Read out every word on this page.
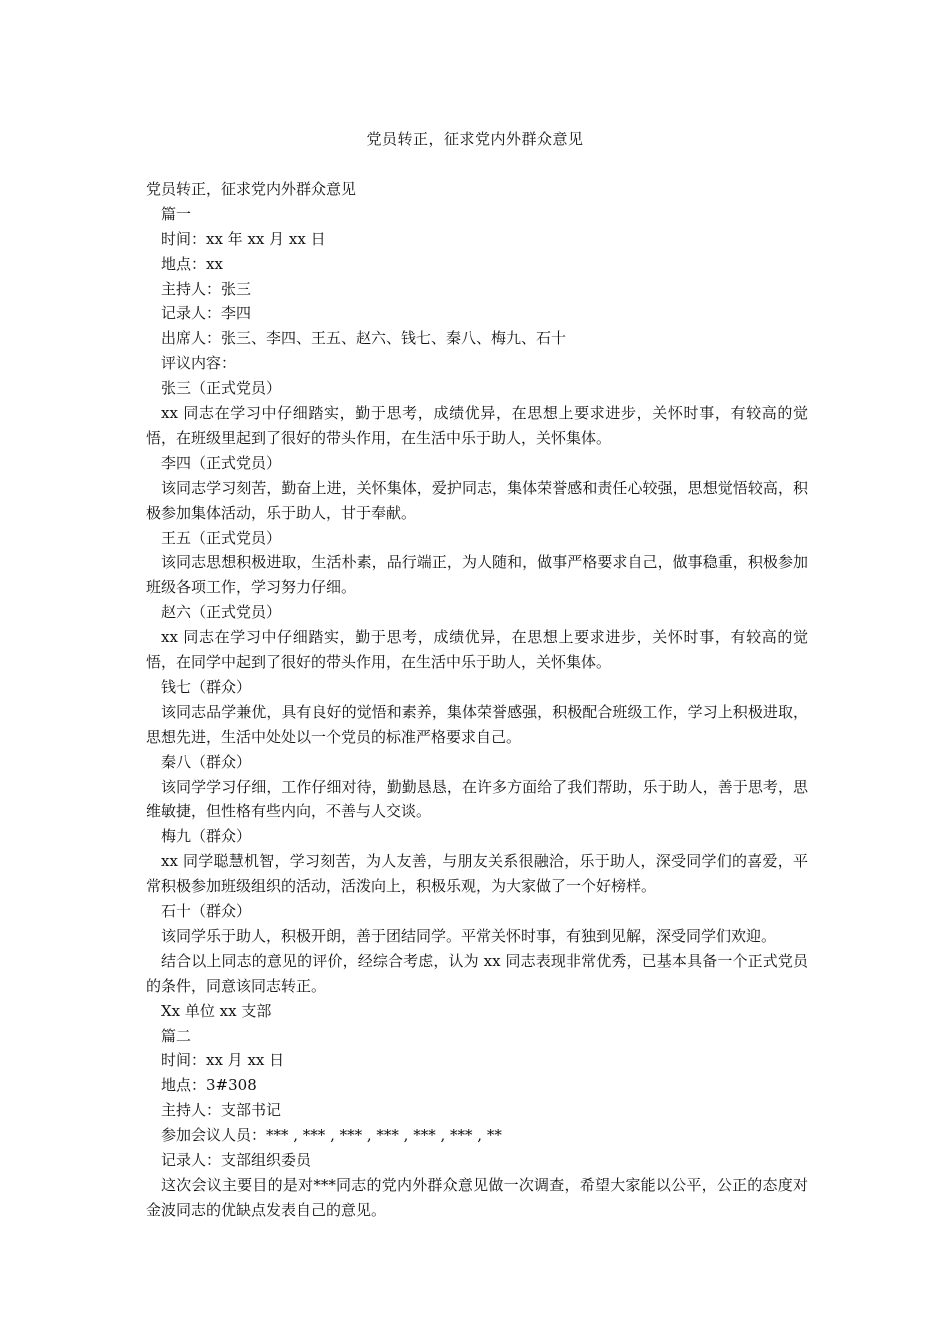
党员转正，征求党内外群众意见
党员转正，征求党内外群众意见
篇一
时间：xx 年 xx 月 xx 日
地点：xx
主持人：张三
记录人：李四
出席人：张三、李四、王五、赵六、钱七、秦八、梅九、石十
评议内容：
张三（正式党员）
xx 同志在学习中仔细踏实，勤于思考，成绩优异，在思想上要求进步，关怀时事，有较高的觉悟，在班级里起到了很好的带头作用，在生活中乐于助人，关怀集体。
李四（正式党员）
该同志学习刻苦，勤奋上进，关怀集体，爱护同志，集体荣誉感和责任心较强，思想觉悟较高，积极参加集体活动，乐于助人，甘于奉献。
王五（正式党员）
该同志思想积极进取，生活朴素，品行端正，为人随和，做事严格要求自己，做事稳重，积极参加班级各项工作，学习努力仔细。
赵六（正式党员）
xx 同志在学习中仔细踏实，勤于思考，成绩优异，在思想上要求进步，关怀时事，有较高的觉悟，在同学中起到了很好的带头作用，在生活中乐于助人，关怀集体。
钱七（群众）
该同志品学兼优，具有良好的觉悟和素养，集体荣誉感强，积极配合班级工作，学习上积极进取，思想先进，生活中处处以一个党员的标准严格要求自己。
秦八（群众）
该同学学习仔细，工作仔细对待，勤勤恳恳，在许多方面给了我们帮助，乐于助人，善于思考，思维敏捷，但性格有些内向，不善与人交谈。
梅九（群众）
xx 同学聪慧机智，学习刻苦，为人友善，与朋友关系很融洽，乐于助人，深受同学们的喜爱，平常积极参加班级组织的活动，活泼向上，积极乐观，为大家做了一个好榜样。
石十（群众）
该同学乐于助人，积极开朗，善于团结同学。平常关怀时事，有独到见解，深受同学们欢迎。
结合以上同志的意见的评价，经综合考虑，认为 xx 同志表现非常优秀，已基本具备一个正式党员的条件，同意该同志转正。
Xx 单位 xx 支部
篇二
时间：xx 月 xx 日
地点：3#308
主持人：支部书记
参加会议人员：*** , *** , *** , *** , *** , *** , **
记录人：支部组织委员
这次会议主要目的是对***同志的党内外群众意见做一次调查，希望大家能以公平，公正的态度对金波同志的优缺点发表自己的意见。
